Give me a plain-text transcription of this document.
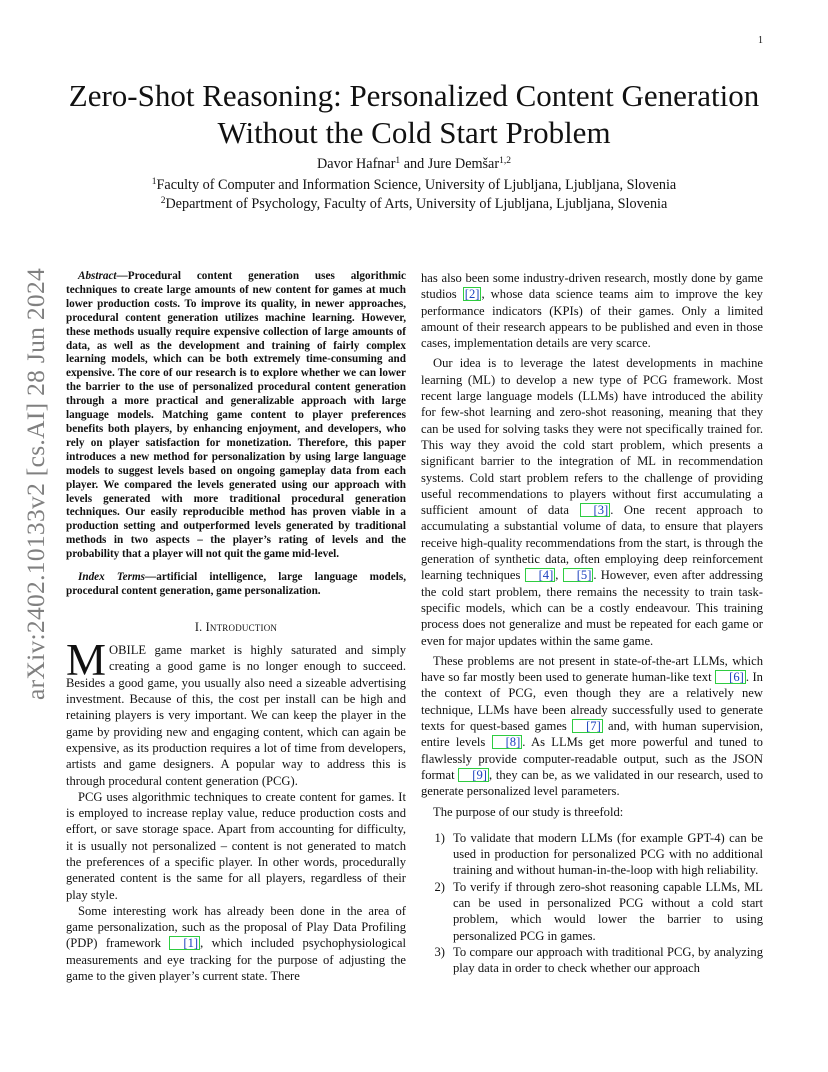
1
arXiv:2402.10133v2 [cs.AI] 28 Jun 2024
Zero-Shot Reasoning: Personalized Content Generation Without the Cold Start Problem
Davor Hafnar$^1$ and Jure Demšar$^{1,2}$
$^1$Faculty of Computer and Information Science, University of Ljubljana, Ljubljana, Slovenia
$^2$Department of Psychology, Faculty of Arts, University of Ljubljana, Ljubljana, Slovenia

Abstract—Procedural content generation uses algorithmic techniques to create large amounts of new content for games at much lower production costs. To improve its quality, in newer approaches, procedural content generation utilizes machine learning. However, these methods usually require expensive collection of large amounts of data, as well as the development and training of fairly complex learning models, which can be both extremely time-consuming and expensive. The core of our research is to explore whether we can lower the barrier to the use of personalized procedural content generation through a more practical and generalizable approach with large language models. Matching game content to player preferences benefits both players, by enhancing enjoyment, and developers, who rely on player satisfaction for monetization. Therefore, this paper introduces a new method for personalization by using large language models to suggest levels based on ongoing gameplay data from each player. We compared the levels generated using our approach with levels generated with more traditional procedural generation techniques. Our easily reproducible method has proven viable in a production setting and outperformed levels generated by traditional methods in two aspects – the player’s rating of levels and the probability that a player will not quit the game mid-level.

Index Terms—artificial intelligence, large language models, procedural content generation, game personalization.

I. Introduction

MOBILE game market is highly saturated and simply creating a good game is no longer enough to succeed. Besides a good game, you usually also need a sizeable advertising investment. Because of this, the cost per install can be high and retaining players is very important. We can keep the player in the game by providing new and engaging content, which can again be expensive, as its production requires a lot of time from developers, artists and game designers. A popular way to address this is through procedural content generation (PCG).

PCG uses algorithmic techniques to create content for games. It is employed to increase replay value, reduce production costs and effort, or save storage space. Apart from accounting for difficulty, it is usually not personalized – content is not generated to match the preferences of a specific player. In other words, procedurally generated content is the same for all players, regardless of their play style.

Some interesting work has already been done in the area of game personalization, such as the proposal of Play Data Profiling (PDP) framework [ 1 ] , which included psychophysiological measurements and eye tracking for the purpose of adjusting the game to the given player’s current state. There

has also been some industry-driven research, mostly done by game studios [ 2 ] , whose data science teams aim to improve the key performance indicators (KPIs) of their games. Only a limited amount of their research appears to be published and even in those cases, implementation details are very scarce.

Our idea is to leverage the latest developments in machine learning (ML) to develop a new type of PCG framework. Most recent large language models (LLMs) have introduced the ability for few-shot learning and zero-shot reasoning, meaning that they can be used for solving tasks they were not specifically trained for. This way they avoid the cold start problem, which presents a significant barrier to the integration of ML in recommendation systems. Cold start problem refers to the challenge of providing useful recommendations to players without first accumulating a sufficient amount of data [ 3 ] . One recent approach to accumulating a substantial volume of data, to ensure that players receive high-quality recommendations from the start, is through the generation of synthetic data, often employing deep reinforcement learning techniques [ 4 ] , [ 5 ] . However, even after addressing the cold start problem, there remains the necessity to train task-specific models, which can be a costly endeavour. This training process does not generalize and must be repeated for each game or even for major updates within the same game.

These problems are not present in state-of-the-art LLMs, which have so far mostly been used to generate human-like text [ 6 ] . In the context of PCG, even though they are a relatively new technique, LLMs have been already successfully used to generate texts for quest-based games [ 7 ] and, with human supervision, entire levels [ 8 ] . As LLMs get more powerful and tuned to flawlessly provide computer-readable output, such as the JSON format [ 9 ] , they can be, as we validated in our research, used to generate personalized level parameters.

The purpose of our study is threefold:

1) To validate that modern LLMs (for example GPT-4) can be used in production for personalized PCG with no additional training and without human-in-the-loop with high reliability.
2) To verify if through zero-shot reasoning capable LLMs, ML can be used in personalized PCG without a cold start problem, which would lower the barrier to using personalized PCG in games.
3) To compare our approach with traditional PCG, by analyzing play data in order to check whether our approach
